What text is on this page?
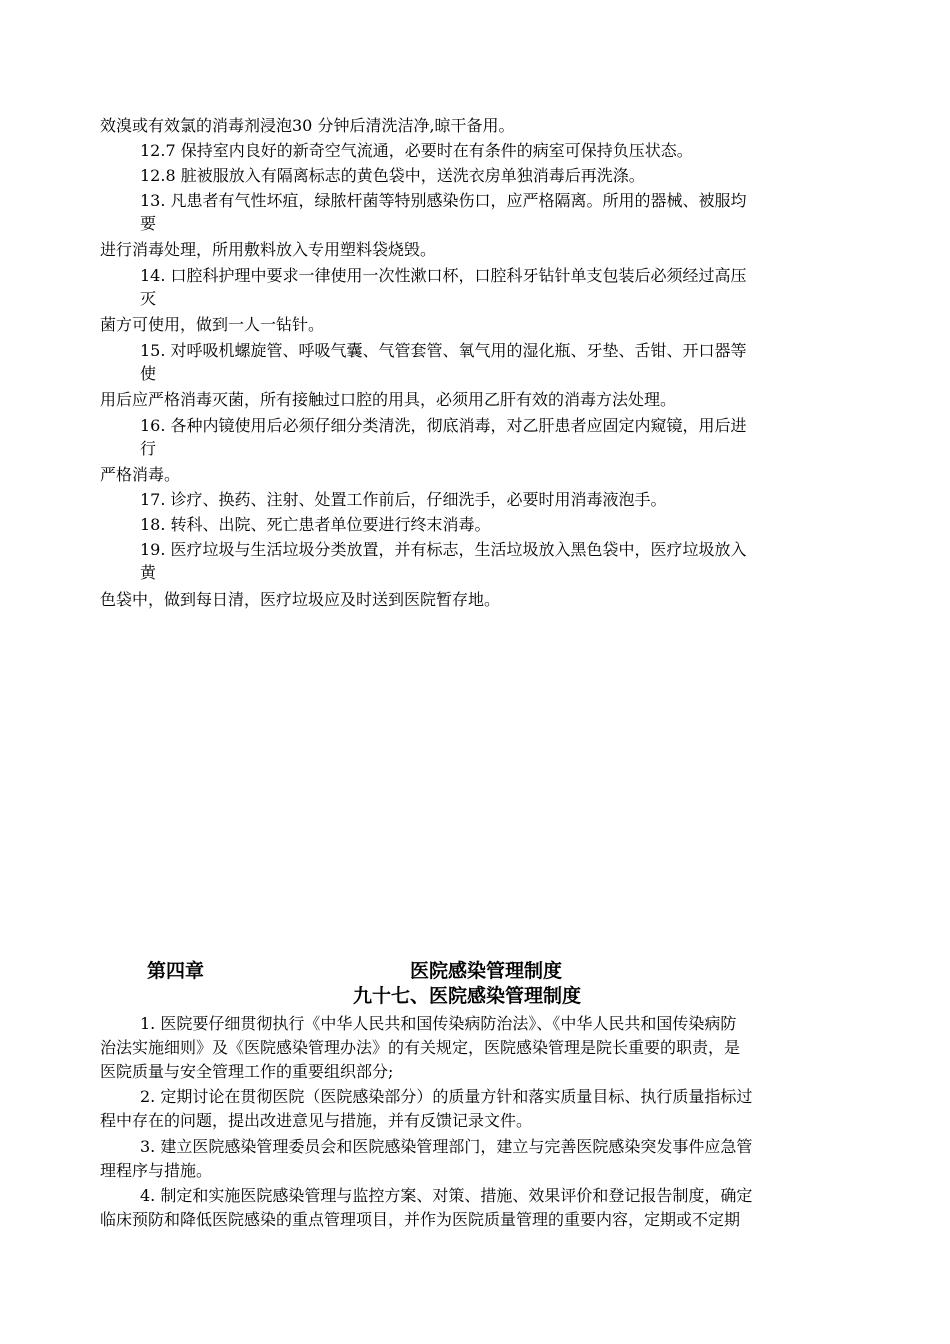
效溴或有效氯的消毒剂浸泡30 分钟后清洗洁净,晾干备用。
12.7 保持室内良好的新奇空气流通，必要时在有条件的病室可保持负压状态。
12.8 脏被服放入有隔离标志的黄色袋中，送洗衣房单独消毒后再洗涤。
13. 凡患者有气性坏疽，绿脓杆菌等特别感染伤口，应严格隔离。所用的器械、被服均
要
进行消毒处理，所用敷料放入专用塑料袋烧毁。
14. 口腔科护理中要求一律使用一次性漱口杯，口腔科牙钻针单支包装后必须经过高压
灭
菌方可使用，做到一人一钻针。
15. 对呼吸机螺旋管、呼吸气囊、气管套管、氧气用的湿化瓶、牙垫、舌钳、开口器等
使
用后应严格消毒灭菌，所有接触过口腔的用具，必须用乙肝有效的消毒方法处理。
16. 各种内镜使用后必须仔细分类清洗，彻底消毒，对乙肝患者应固定内窥镜，用后进
行
严格消毒。
17. 诊疗、换药、注射、处置工作前后，仔细洗手，必要时用消毒液泡手。
18. 转科、出院、死亡患者单位要进行终末消毒。
19. 医疗垃圾与生活垃圾分类放置，并有标志，生活垃圾放入黑色袋中，医疗垃圾放入
黄
色袋中，做到每日清，医疗垃圾应及时送到医院暂存地。
第四章	医院感染管理制度
九十七、医院感染管理制度
1. 医院要仔细贯彻执行《中华人民共和国传染病防治法》、《中华人民共和国传染病防
治法实施细则》及《医院感染管理办法》的有关规定，医院感染管理是院长重要的职责，是
医院质量与安全管理工作的重要组织部分;
2. 定期讨论在贯彻医院（医院感染部分）的质量方针和落实质量目标、执行质量指标过
程中存在的问题，提出改进意见与措施，并有反馈记录文件。
3. 建立医院感染管理委员会和医院感染管理部门，建立与完善医院感染突发事件应急管
理程序与措施。
4. 制定和实施医院感染管理与监控方案、对策、措施、效果评价和登记报告制度，确定
临床预防和降低医院感染的重点管理项目，并作为医院质量管理的重要内容，定期或不定期
